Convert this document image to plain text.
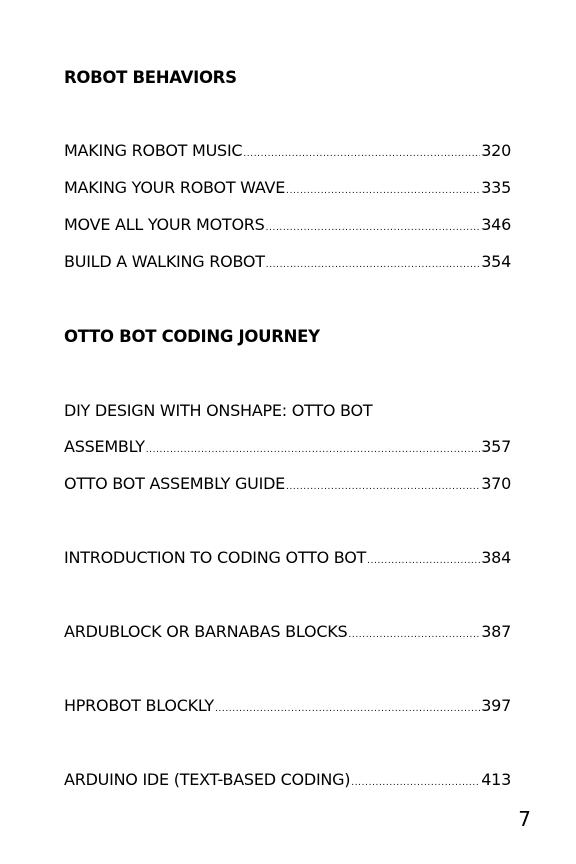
ROBOT BEHAVIORS
MAKING ROBOT MUSIC .....	320
MAKING YOUR ROBOT WAVE .....	335
MOVE ALL YOUR MOTORS .....	346
BUILD A WALKING ROBOT .....	354
OTTO BOT CODING JOURNEY
DIY DESIGN WITH ONSHAPE: OTTO BOT
ASSEMBLY .....	357
OTTO BOT ASSEMBLY GUIDE .....	370
INTRODUCTION TO CODING OTTO BOT .....	384
ARDUBLOCK OR BARNABAS BLOCKS .....	387
HPROBOT BLOCKLY .....	397
ARDUINO IDE (TEXT-BASED CODING) .....	413
7
